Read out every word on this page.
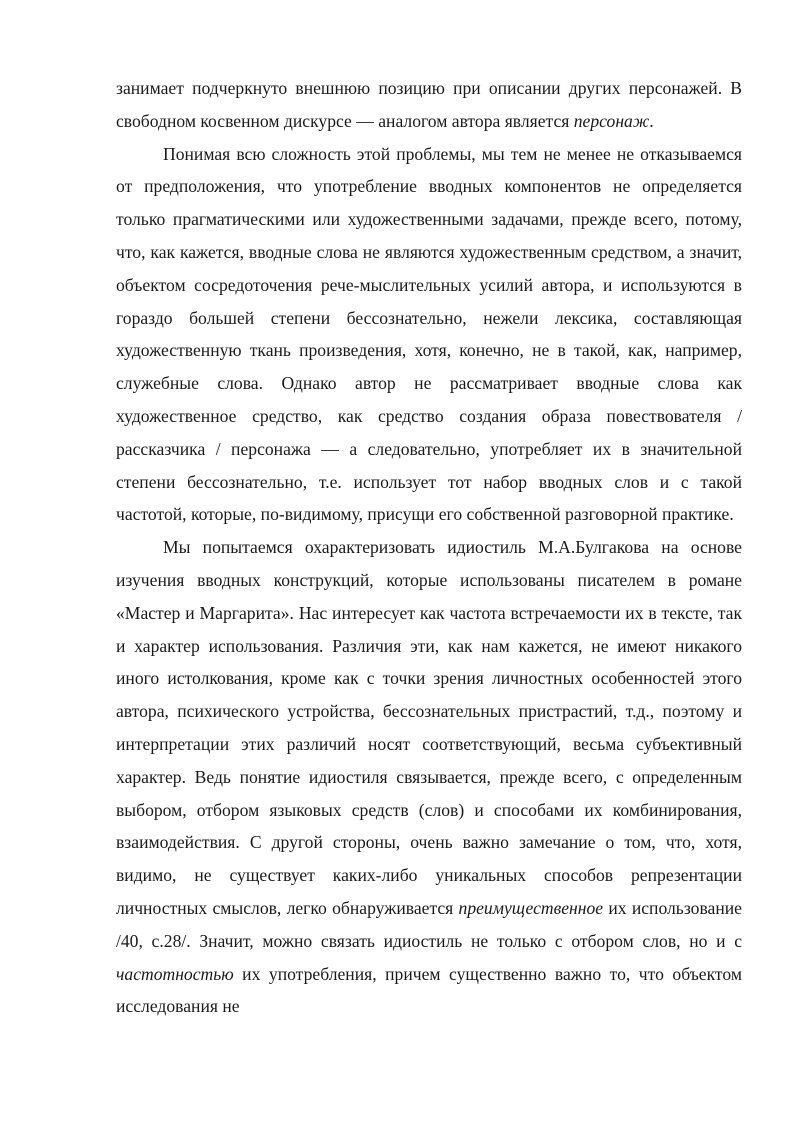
занимает подчеркнуто внешнюю позицию при описании других персонажей. В свободном косвенном дискурсе — аналогом автора является персонаж.

Понимая всю сложность этой проблемы, мы тем не менее не отказываемся от предположения, что употребление вводных компонентов не определяется только прагматическими или художественными задачами, прежде всего, потому, что, как кажется, вводные слова не являются художественным средством, а значит, объектом сосредоточения рече-мыслительных усилий автора, и используются в гораздо большей степени бессознательно, нежели лексика, составляющая художественную ткань произведения, хотя, конечно, не в такой, как, например, служебные слова. Однако автор не рассматривает вводные слова как художественное средство, как средство создания образа повествователя / рассказчика / персонажа — а следовательно, употребляет их в значительной степени бессознательно, т.е. использует тот набор вводных слов и с такой частотой, которые, по-видимому, присущи его собственной разговорной практике.

Мы попытаемся охарактеризовать идиостиль М.А.Булгакова на основе изучения вводных конструкций, которые использованы писателем в романе «Мастер и Маргарита». Нас интересует как частота встречаемости их в тексте, так и характер использования. Различия эти, как нам кажется, не имеют никакого иного истолкования, кроме как с точки зрения личностных особенностей этого автора, психического устройства, бессознательных пристрастий, т.д., поэтому и интерпретации этих различий носят соответствующий, весьма субъективный характер. Ведь понятие идиостиля связывается, прежде всего, с определенным выбором, отбором языковых средств (слов) и способами их комбинирования, взаимодействия. С другой стороны, очень важно замечание о том, что, хотя, видимо, не существует каких-либо уникальных способов репрезентации личностных смыслов, легко обнаруживается преимущественное их использование /40, с.28/. Значит, можно связать идиостиль не только с отбором слов, но и с частотностью их употребления, причем существенно важно то, что объектом исследования не
